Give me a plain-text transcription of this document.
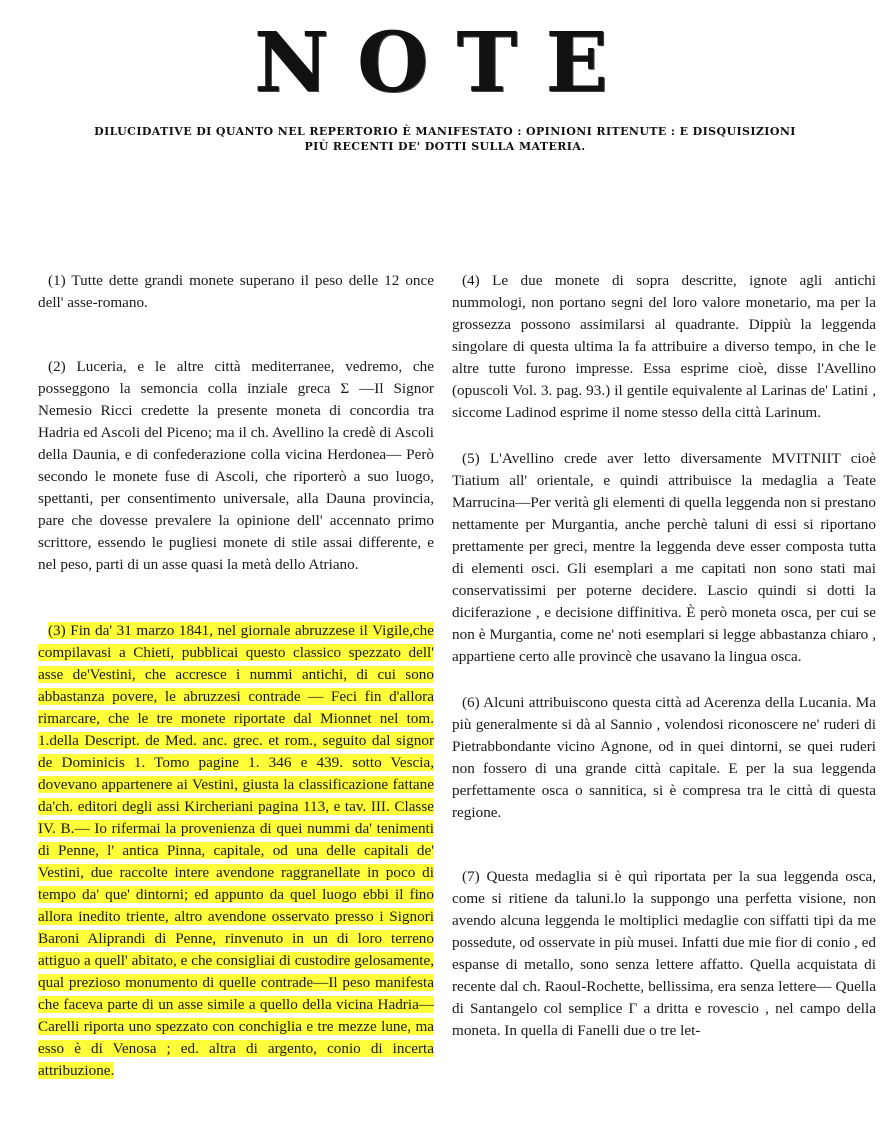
NOTE
DILUCIDATIVE DI QUANTO NEL REPERTORIO È MANIFESTATO : OPINIONI RITENUTE : E DISQUISIZIONI
PIÙ RECENTI DE' DOTTI SULLA MATERIA.

(1) Tutte dette grandi monete superano il peso delle 12 once dell' asse-romano.

(2) Luceria, e le altre città mediterranee, vedremo, che posseggono la semoncia colla inziale greca Σ —Il Signor Nemesio Ricci credette la presente moneta di concordia tra Hadria ed Ascoli del Piceno; ma il ch. Avellino la credè di Ascoli della Daunia, e di confederazione colla vicina Herdonea— Però secondo le monete fuse di Ascoli, che riporterò a suo luogo, spettanti, per consentimento universale, alla Dauna provincia, pare che dovesse prevalere la opinione dell' accennato primo scrittore, essendo le pugliesi monete di stile assai differente, e nel peso, parti di un asse quasi la metà dello Atriano.

(3) Fin da' 31 marzo 1841, nel giornale abruzzese il Vigile,che compilavasi a Chieti, pubblicai questo classico spezzato dell' asse de'Vestini, che accresce i nummi antichi, di cui sono abbastanza povere, le abruzzesi contrade — Feci fin d'allora rimarcare, che le tre monete riportate dal Mionnet nel tom. 1.della Descript. de Med. anc. grec. et rom., seguito dal signor de Dominicis 1. Tomo pagine 1. 346 e 439. sotto Vescia, dovevano appartenere ai Vestini, giusta la classificazione fattane da'ch. editori degli assi Kircheriani pagina 113, e tav. III. Classe IV. B.— Io rifermai la provenienza di quei nummi da' tenimenti di Penne, l' antica Pinna, capitale, od una delle capitali de' Vestini, due raccolte intere avendone raggranellate in poco di tempo da' que' dintorni; ed appunto da quel luogo ebbi il fino allora inedito triente, altro avendone osservato presso i Signori Baroni Aliprandi di Penne, rinvenuto in un di loro terreno attiguo a quell' abitato, e che consigliai di custodire gelosamente, qual prezioso monumento di quelle contrade—Il peso manifesta che faceva parte di un asse simile a quello della vicina Hadria—Carelli riporta uno spezzato con conchiglia e tre mezze lune, ma esso è di Venosa ; ed. altra di argento, conio di incerta attribuzione.

(4) Le due monete di sopra descritte, ignote agli antichi nummologi, non portano segni del loro valore monetario, ma per la grossezza possono assimilarsi al quadrante. Dippiù la leggenda singolare di questa ultima la fa attribuire a diverso tempo, in che le altre tutte furono impresse. Essa esprime cioè, disse l'Avellino (opuscoli Vol. 3. pag. 93.) il gentile equivalente al Larinas de' Latini , siccome Ladinod esprime il nome stesso della città Larinum.

(5) L'Avellino crede aver letto diversamente MVITNIIT cioè Tiatium all' orientale, e quindi attribuisce la medaglia a Teate Marrucina—Per verità gli elementi di quella leggenda non si prestano nettamente per Murgantia, anche perchè taluni di essi si riportano prettamente per greci, mentre la leggenda deve esser composta tutta di elementi osci. Gli esemplari a me capitati non sono stati mai conservatissimi per poterne decidere. Lascio quindi si dotti la diciferazione , e decisione diffinitiva. È però moneta osca, per cui se non è Murgantia, come ne' noti esemplari si legge abbastanza chiaro , appartiene certo alle provincè che usavano la lingua osca.

(6) Alcuni attribuiscono questa città ad Acerenza della Lucania. Ma più generalmente si dà al Sannio , volendosi riconoscere ne' ruderi di Pietrabbondante vicino Agnone, od in quei dintorni, se quei ruderi non fossero di una grande città capitale. E per la sua leggenda perfettamente osca o sannitica, si è compresa tra le città di questa regione.

(7) Questa medaglia si è quì riportata per la sua leggenda osca, come si ritiene da taluni.lo la suppongo una perfetta visione, non avendo alcuna leggenda le moltiplici medaglie con siffatti tipi da me possedute, od osservate in più musei. Infatti due mie fior di conio , ed espanse di metallo, sono senza lettere affatto. Quella acquistata di recente dal ch. Raoul-Rochette, bellissima, era senza lettere— Quella di Santangelo col semplice Γ a dritta e rovescio , nel campo della moneta. In quella di Fanelli due o tre let-
